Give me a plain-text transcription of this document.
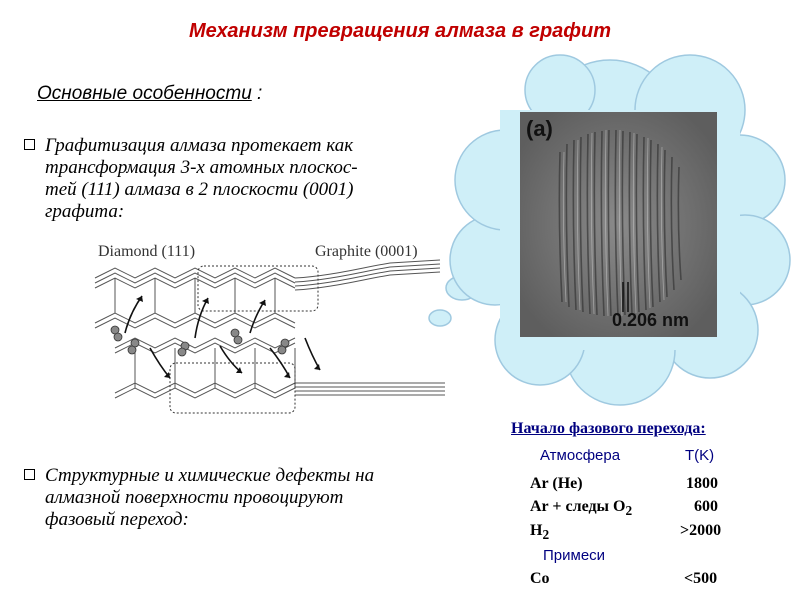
Механизм превращения алмаза в графит
Основные особенности :
Графитизация алмаза протекает как
трансформация 3-х атомных плоскос-
тей (111) алмаза в 2 плоскости (0001)
графита:
Diamond (111)	Graphite (0001)
(a)
0.206 nm
Структурные и химические дефекты на
алмазной поверхности провоцируют
фазовый переход:
Начало фазового перехода:
Атмосфера	T(K)
Ar (He)	1800
Ar + следы $O_2$	600
$H_2$	>2000
Примеси
Co	<500
